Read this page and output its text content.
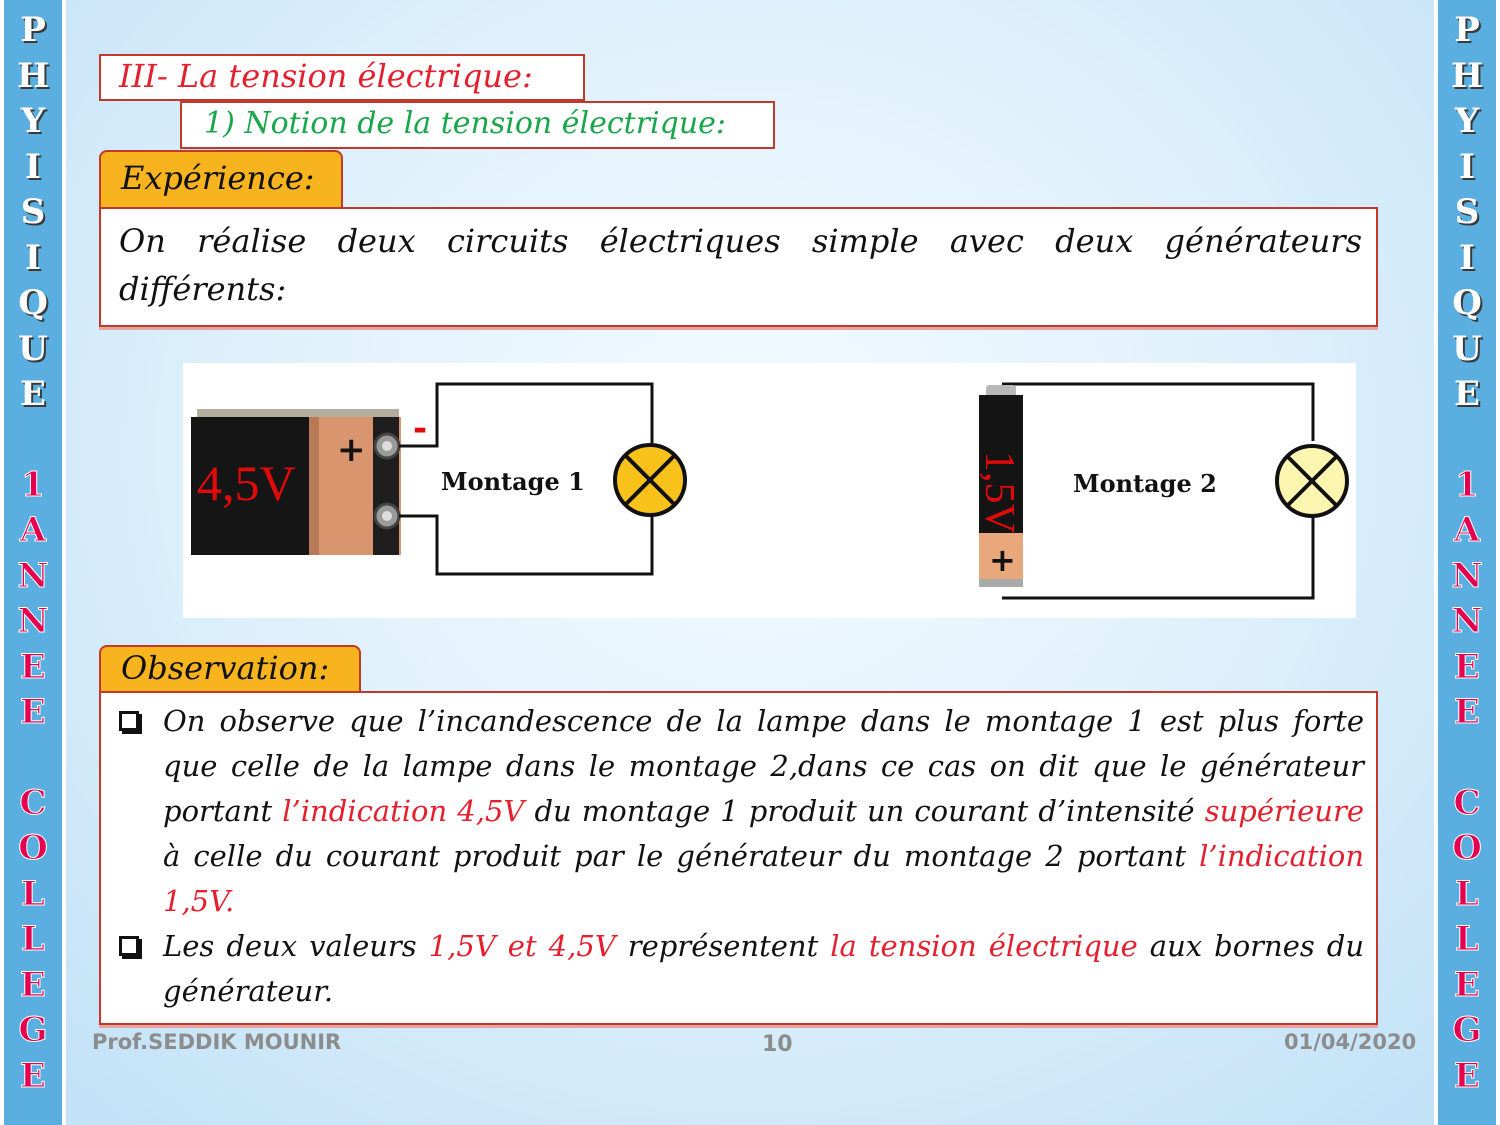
P
H
Y
I
S
I
Q
U
E
1
A
N
N
E
E
C
O
L
L
E
G
E
P
H
Y
I
S
I
Q
U
E
1
A
N
N
E
E
C
O
L
L
E
G
E
III- La tension électrique:
1) Notion de la tension électrique:
Expérience:
On réalise deux circuits électriques simple avec deux générateurs différents:
4,5V
+
-
Montage 1	1,5V
+
Montage 2
Observation:
On observe que l’incandescence de la lampe dans le montage 1 est plus forte que celle de la lampe dans le montage 2,dans ce cas on dit que le générateur portant l’indication 4,5V du montage 1 produit un courant d’intensité supérieure à celle du courant produit par le générateur du montage 2 portant l’indication 1,5V.
Les deux valeurs 1,5V et 4,5V représentent la tension électrique aux bornes du générateur.
Prof.SEDDIK MOUNIR	10	01/04/2020
